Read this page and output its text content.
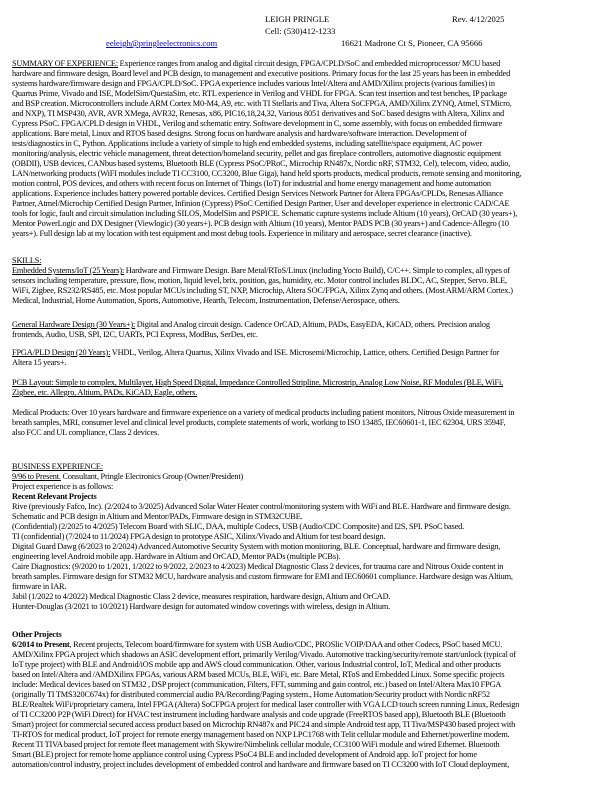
LEIGH PRINGLE	Rev. 4/12/2025
Cell: (530)412-1233
eeleigh@pringleelectronics.com	16621 Madrone Ct S, Pioneer, CA 95666
SUMMARY OF EXPERIENCE: Experience ranges from analog and digital circuit design, FPGA/CPLD/SoC and embedded microprocessor/ MCU based
hardware and firmware design, Board level and PCB design, to management and executive positions. Primary focus for the last 25 years has been in embedded
systems hardware/firmware design and FPGA/CPLD/SoC. FPGA experience includes various Intel/Altera and AMD/Xilinx projects (various families) in
Quartus Prime, Vivado and ISE, ModelSim/QuestaSim, etc. RTL experience in Verilog and VHDL for FPGA. Scan test insertion and test benches, IP package
and BSP creation. Microcontrollers include ARM Cortex M0-M4, A9, etc. with TI Stellaris and Tiva, Altera SoCFPGA, AMD/Xilinx ZYNQ, Atmel, STMicro,
and NXP), TI MSP430, AVR, AVR XMega, AVR32, Renesas, x86, PIC16,18,24,32, Various 8051 derivatives and SoC based designs with Altera, Xilinx and
Cypress PSoC. FPGA/CPLD design in VHDL, Verilog and schematic entry. Software development in C, some assembly, with focus on embedded firmware
applications. Bare metal, Linux and RTOS based designs. Strong focus on hardware analysis and hardware/software interaction. Development of
tests/diagnostics in C, Python. Applications include a variety of simple to high end embedded systems, including satellite/space equipment, AC power
monitoring/analysis, electric vehicle management, threat detection/homeland security, pellet and gas fireplace controllers, automotive diagnostic equipment
(OBDII), USB devices, CANbus based systems, Bluetooth BLE (Cypress PSoC/PRoC, Microchip RN487x, Nordic nRF, STM32, Cel), telecom, video, audio,
LAN/networking products (WiFI modules include TI CC3100, CC3200, Blue Giga), hand held sports products, medical products, remote sensing and monitoring,
motion control, POS devices, and others with recent focus on Internet of Things (IoT) for industrial and home energy management and home automation
applications. Experience includes battery powered portable devices. Certified Design Services Network Partner for Altera FPGAs/CPLDs, Renesas Alliance
Partner, Atmel/Microchip Certified Design Partner, Infinion (Cypress) PSoC Certified Design Partner, User and developer experience in electronic CAD/CAE
tools for logic, fault and circuit simulation including SILOS, ModelSim and PSPICE. Schematic capture systems include Altium (10 years), OrCAD (30 years+),
Mentor PowerLogic and DX Designer (Viewlogic) (30 years+). PCB design with Altium (10 years), Mentor PADS PCB (30 years+) and Cadence-Allegro (10
years+). Full design lab at my location with test equipment and most debug tools. Experience in military and aerospace, secret clearance (inactive).
SKILLS:
Embedded Systems/IoT (25 Years): Hardware and Firmware Design. Bare Metal/RToS/Linux (including Yocto Build), C/C++. Simple to complex, all types of
sensors including temperature, pressure, flow, motion, liquid level, brix, position, gas, humidity, etc. Motor control includes BLDC, AC, Stepper, Servo. BLE,
WiFi, Zigbee, RS232/RS485, etc. Most popular MCUs including ST, NXP, Microchip, Altera SOC/FPGA, Xilinx Zynq and others. (Most ARM/ARM Cortex.)
Medical, Industrial, Home Automation, Sports, Automotive, Hearth, Telecom, Instrumentation, Defense/Aerospace, others.
General Hardware Design (30 Years+): Digital and Analog circuit design. Cadence OrCAD, Altium, PADs, EasyEDA, KiCAD, others. Precision analog
frontends, Audio, USB, SPI, I2C, UARTs, PCI Express, ModBus, SerDes, etc.
FPGA/PLD Design (20 Years): VHDL, Verilog, Altera Quartus, Xilinx Vivado and ISE. Microsemi/Microchip, Lattice, others. Certified Design Partner for
Altera 15 years+.
PCB Layout: Simple to complex, Multilayer, High Speed Digital, Impedance Controlled Stripline, Microstrip, Analog Low Noise, RF Modules (BLE, WiFi,
Zigbee, etc. Allegro, Altium, PADs, KiCAD, Eagle, others.
Medical Products: Over 10 years hardware and firmware experience on a variety of medical products including patient monitors, Nitrous Oxide measurement in
breath samples, MRI, consumer level and clinical level products, complete statements of work, working to ISO 13485, IEC60601-1, IEC 62304, URS 3594F,
also FCC and UL compliance, Class 2 devices.
BUSINESS EXPERIENCE:
9/96 to Present. Consultant, Pringle Electronics Group (Owner/President)
Project experience is as follows:
Recent Relevant Projects
Rive (previously Fafco, Inc). (2/2024 to 3/2025) Advanced Solar Water Heater control/monitoring system with WiFi and BLE. Hardware and firmware design.
Schematic and PCB design in Altium and Mentor/PADs, Firmware design in STM32CUBE.
(Confidential) (2/2025 to 4/2025) Telecom Board with SLIC, DAA, multiple Codecs, USB (Audio/CDC Composite) and I2S, SPI. PSoC based.
TI (confidential) (7/2024 to 11/2024) FPGA design to prototype ASIC, Xilinx/Vivado and Altium for test board design.
Digital Guard Dawg (6/2023 to 2/2024) Advanced Automotive Security System with motion monitoring, BLE. Conceptual, hardware and firmware design,
engineering level Android mobile app. Hardware in Altium and OrCAD, Mentor PADs (multiple PCBs).
Caire Diagnostics: (9/2020 to 1/2021, 1/2022 to 9/2022, 2/2023 to 4/2023) Medical Diagnostic Class 2 devices, for trauma care and Nitrous Oxide content in
breath samples. Firmware design for STM32 MCU, hardware analysis and custom firmware for EMI and IEC60601 compliance. Hardware design was Altium,
firmware in IAR.
Jabil (1/2022 to 4/2022) Medical Diagnostic Class 2 device, measures respiration, hardware design, Altium and OrCAD.
Hunter-Douglas (3/2021 to 10/2021) Hardware design for automated window coverings with wireless, design in Altium.
Other Projects
6/2014 to Present, Recent projects, Telecom board/firmware for system with USB Audio/CDC, PROSlic VOIP/DAA and other Codecs, PSoC based MCU.
AMD/Xilinx FPGA project which shadows an ASIC development effort, primarily Verilog/Vivado. Automotive tracking/security/remote start/unlock (typical of
IoT type project) with BLE and Android/iOS mobile app and AWS cloud communication. Other, various Industrial control, IoT, Medical and other products
based on Intel/Altera and /AMDXilinx FPGAs, various ARM based MCUs, BLE, WiFi, etc. Bare Metal, RToS and Embedded Linux. Some specific projects
include: Medical devices based on STM32 , DSP project (communication, Filters, FFT, summing and gain control, etc.) based on Intel/Altera Max10 FPGA
(originally TI TMS320C674x) for distributed commercial audio PA/Recording/Paging system., Home Automation/Security product with Nordic nRF52
BLE/Realtek WiFi/proprietary camera, Intel FPGA (Altera) SoCFPGA project for medical laser controller with VGA LCD touch screen running Linux, Redesign
of TI CC3200 P2P (WiFi Direct) for HVAC test instrument including hardware analysis and code upgrade (FreeRTOS based app), Bluetooth BLE (Bluetooth
Smart) project for commercial secured access product based on Microchip RN487x and PIC24 and simple Android test app, TI Tiva/MSP430 based project with
TI-RTOS for medical product, IoT project for remote energy management based on NXP LPC1768 with Telit cellular module and Ethernet/powerline modem.
Recent TI TIVA based project for remote fleet management with Skywire/Nimbelink cellular module, CC3100 WiFi module and wired Ethernet. Bluetooth
Smart (BLE) project for remote home appliance control using Cypress PSoC4 BLE and included development of Android app. IoT project for home
automation/control industry, project includes development of embedded control and hardware and firmware based on TI CC3200 with IoT Cloud deployment,
